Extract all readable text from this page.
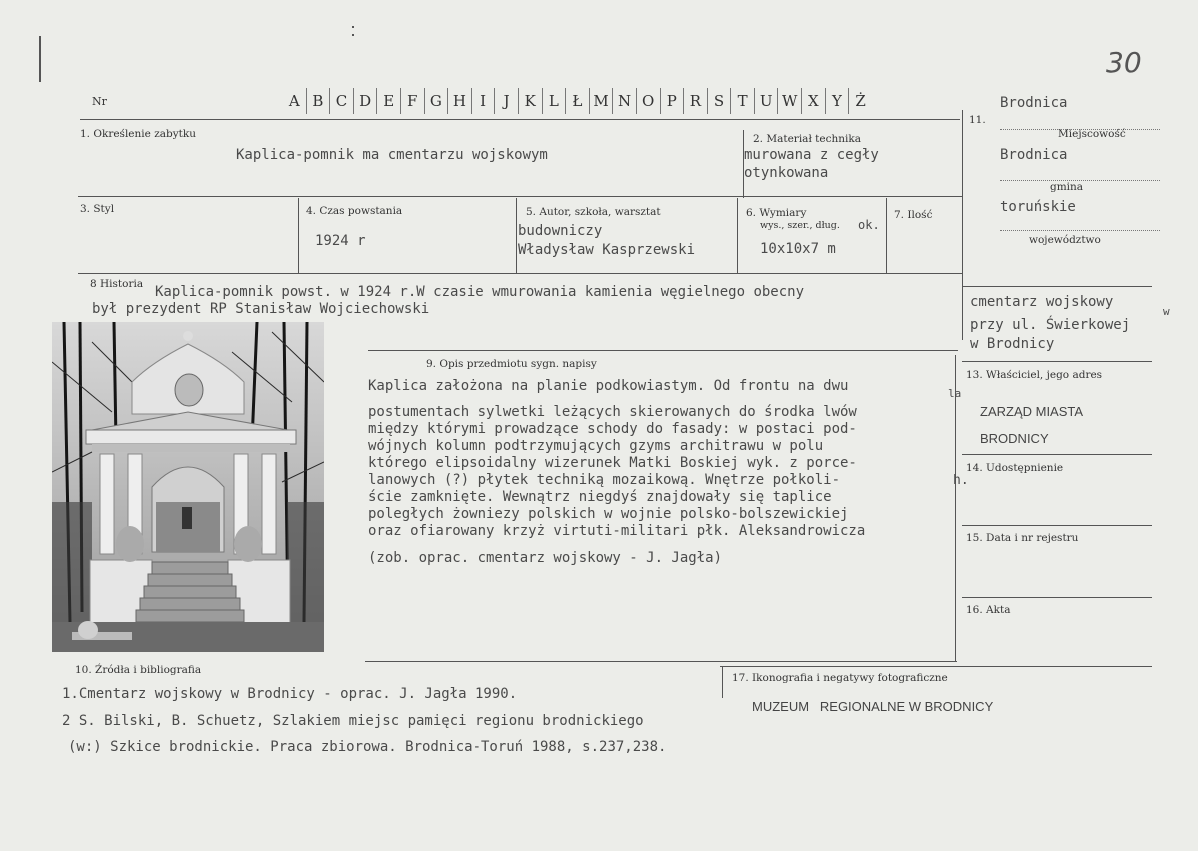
Nr	A B C D E F G H I	J K L Ł M N O P R S T U W X Y Ż
30
1. Określenie zabytku
Kaplica-pomnik ma cmentarzu wojskowym
2. Materiał technika
murowana z cegły
otynkowana
3. Styl	4. Czas powstania
1924 r
5. Autor, szkoła, warsztat
budowniczy
Władysław Kasprzewski
6. Wymiary
wys., szer., dług. ok.
10x10x7 m
7. Ilość
8 Historia Kaplica-pomnik powst. w 1924 r.W czasie wmurowania kamienia węgielnego obecny
był prezydent RP Stanisław Wojciechowski
9. Opis przedmiotu sygn. napisy
Kaplica założona na planie podkowiastym. Od frontu na dwu
postumentach sylwetki leżących skierowanych do środka lwów
między którymi prowadzące schody do fasady: w postaci pod-
wójnych kolumn podtrzymujących gzyms architrawu w polu
którego elipsoidalny wizerunek Matki Boskiej wyk. z porce-
lanowych (?) płytek techniką mozaikową. Wnętrze połkoli-
ście zamknięte. Wewnątrz niegdyś znajdowały się taplice
poległych żowniezy polskich w wojnie polsko-bolszewickiej
oraz ofiarowany krzyż virtuti-militari płk. Aleksandrowicza
(zob. oprac. cmentarz wojskowy - J. Jagła)
la
h.
10. Źródła i bibliografia
1.Cmentarz wojskowy w Brodnicy - oprac. J. Jagła 1990.
2 S. Bilski, B. Schuetz, Szlakiem miejsc pamięci regionu brodnickiego
(w:) Szkice brodnickie. Praca zbiorowa. Brodnica-Toruń 1988, s.237,238.
Brodnica
11.
Miejscowość
Brodnica
gmina
toruńskie
województwo
cmentarz wojskowy
przy ul. Świerkowej
w Brodnicy
w
13. Właściciel, jego adres
ZARZĄD MIASTA
BRODNICY
14. Udostępnienie
15. Data i nr rejestru
16. Akta
17. Ikonografia i negatywy fotograficzne
MUZEUM   REGIONALNE W BRODNICY
